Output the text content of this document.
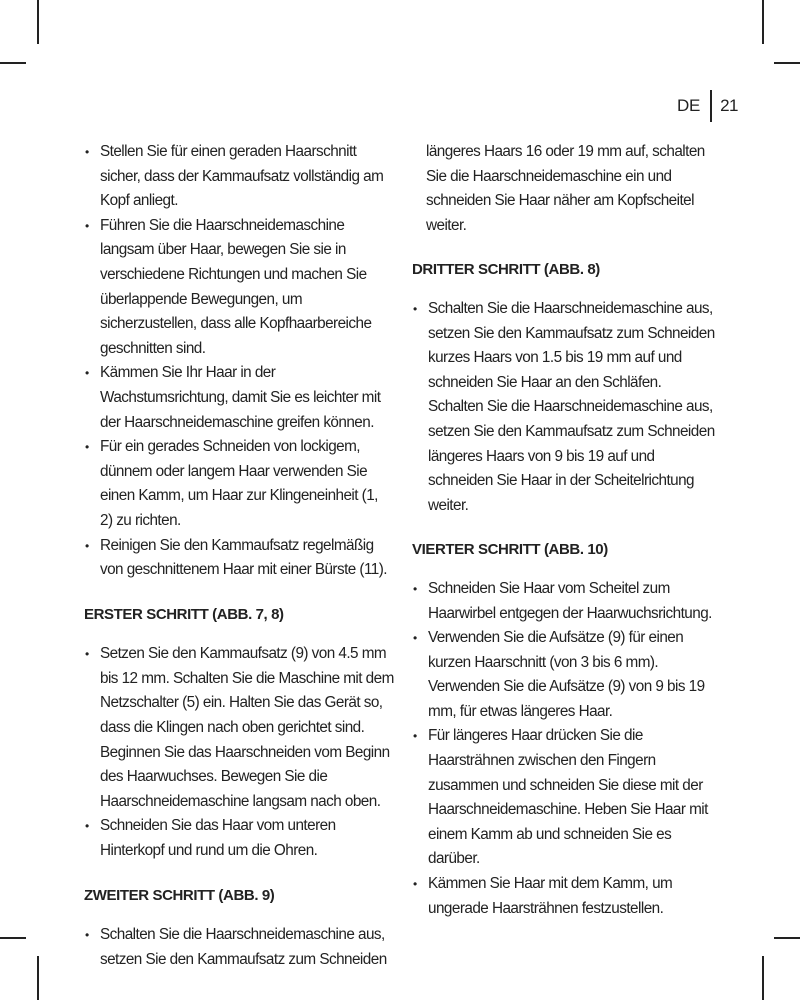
DE	21
• Stellen Sie für einen geraden Haarschnitt sicher, dass der Kammaufsatz vollständig am Kopf anliegt.
• Führen Sie die Haarschneidemaschine langsam über Haar, bewegen Sie sie in verschiedene Richtungen und machen Sie überlappende Bewegungen, um sicherzustellen, dass alle Kopfhaarbereiche geschnitten sind.
• Kämmen Sie Ihr Haar in der Wachstumsrichtung, damit Sie es leichter mit der Haarschneidemaschine greifen können.
• Für ein gerades Schneiden von lockigem, dünnem oder langem Haar verwenden Sie einen Kamm, um Haar zur Klingeneinheit (1, 2) zu richten.
• Reinigen Sie den Kammaufsatz regelmäßig von geschnittenem Haar mit einer Bürste (11).
ERSTER SCHRITT (ABB. 7, 8)
• Setzen Sie den Kammaufsatz (9) von 4.5 mm bis 12 mm. Schalten Sie die Maschine mit dem Netzschalter (5) ein. Halten Sie das Gerät so, dass die Klingen nach oben gerichtet sind. Beginnen Sie das Haarschneiden vom Beginn des Haarwuchses. Bewegen Sie die Haarschneidemaschine langsam nach oben.
• Schneiden Sie das Haar vom unteren Hinterkopf und rund um die Ohren.
ZWEITER SCHRITT (ABB. 9)
• Schalten Sie die Haarschneidemaschine aus, setzen Sie den Kammaufsatz zum Schneiden

längeres Haars 16 oder 19 mm auf, schalten Sie die Haarschneidemaschine ein und schneiden Sie Haar näher am Kopfscheitel weiter.

DRITTER SCHRITT (ABB. 8)
• Schalten Sie die Haarschneidemaschine aus, setzen Sie den Kammaufsatz zum Schneiden kurzes Haars von 1.5 bis 19 mm auf und schneiden Sie Haar an den Schläfen. Schalten Sie die Haarschneidemaschine aus, setzen Sie den Kammaufsatz zum Schneiden längeres Haars von 9 bis 19 auf und schneiden Sie Haar in der Scheitelrichtung weiter.
VIERTER SCHRITT (ABB. 10)
• Schneiden Sie Haar vom Scheitel zum Haarwirbel entgegen der Haarwuchsrichtung.
• Verwenden Sie die Aufsätze (9) für einen kurzen Haarschnitt (von 3 bis 6 mm). Verwenden Sie die Aufsätze (9) von 9 bis 19 mm, für etwas längeres Haar.
• Für längeres Haar drücken Sie die Haarsträhnen zwischen den Fingern zusammen und schneiden Sie diese mit der Haarschneidemaschine. Heben Sie Haar mit einem Kamm ab und schneiden Sie es darüber.
• Kämmen Sie Haar mit dem Kamm, um ungerade Haarsträhnen festzustellen.
